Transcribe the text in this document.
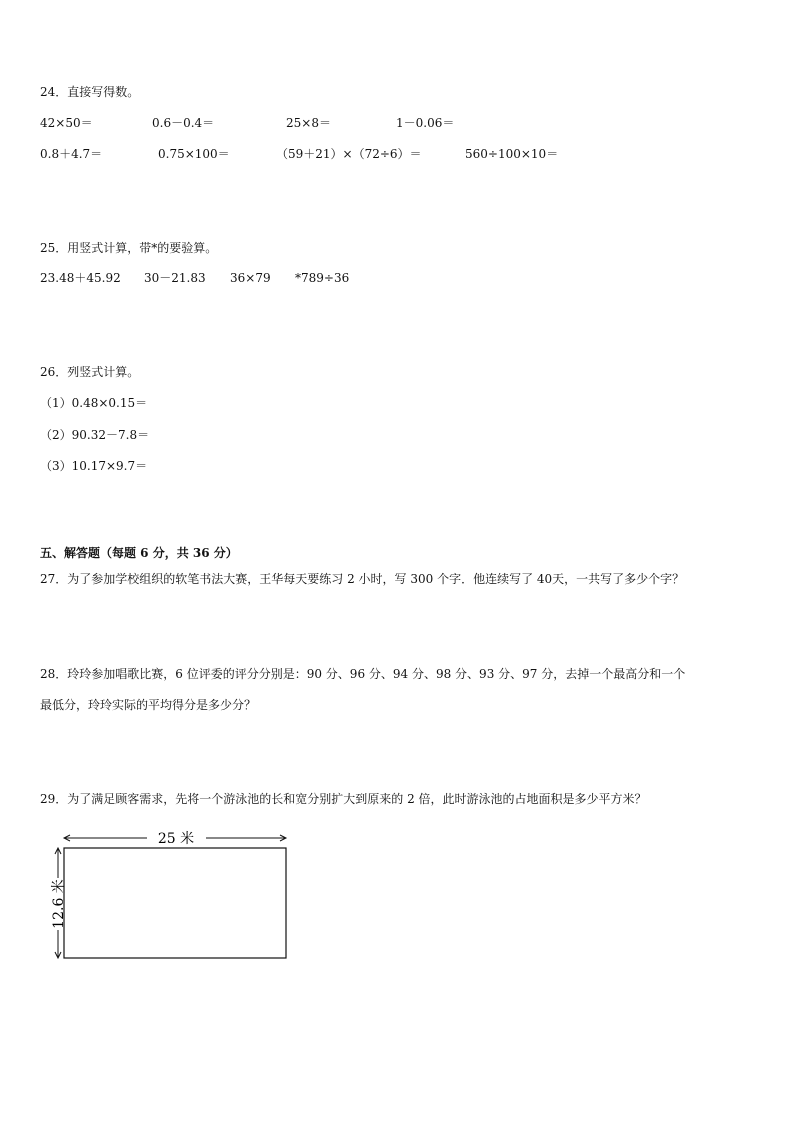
24．直接写得数。
42×50＝	0.6－0.4＝	25×8＝	1－0.06＝
0.8＋4.7＝	0.75×100＝	（59＋21）×（72÷6）＝	560÷100×10＝
25．用竖式计算，带*的要验算。
23.48＋45.92 30－21.83 36×79 *789÷36
26．列竖式计算。
（1）0.48×0.15＝
（2）90.32－7.8＝
（3）10.17×9.7＝
五、解答题（每题 6 分，共 36 分）
27．为了参加学校组织的软笔书法大赛，王华每天要练习 2 小时，写 300 个字．他连续写了 40天，一共写了多少个字？
28．玲玲参加唱歌比赛，6 位评委的评分分别是：90 分、96 分、94 分、98 分、93 分、97 分，去掉一个最高分和一个
最低分，玲玲实际的平均得分是多少分？
29．为了满足顾客需求，先将一个游泳池的长和宽分别扩大到原来的 2 倍，此时游泳池的占地面积是多少平方米？
25 米
12.6 米
